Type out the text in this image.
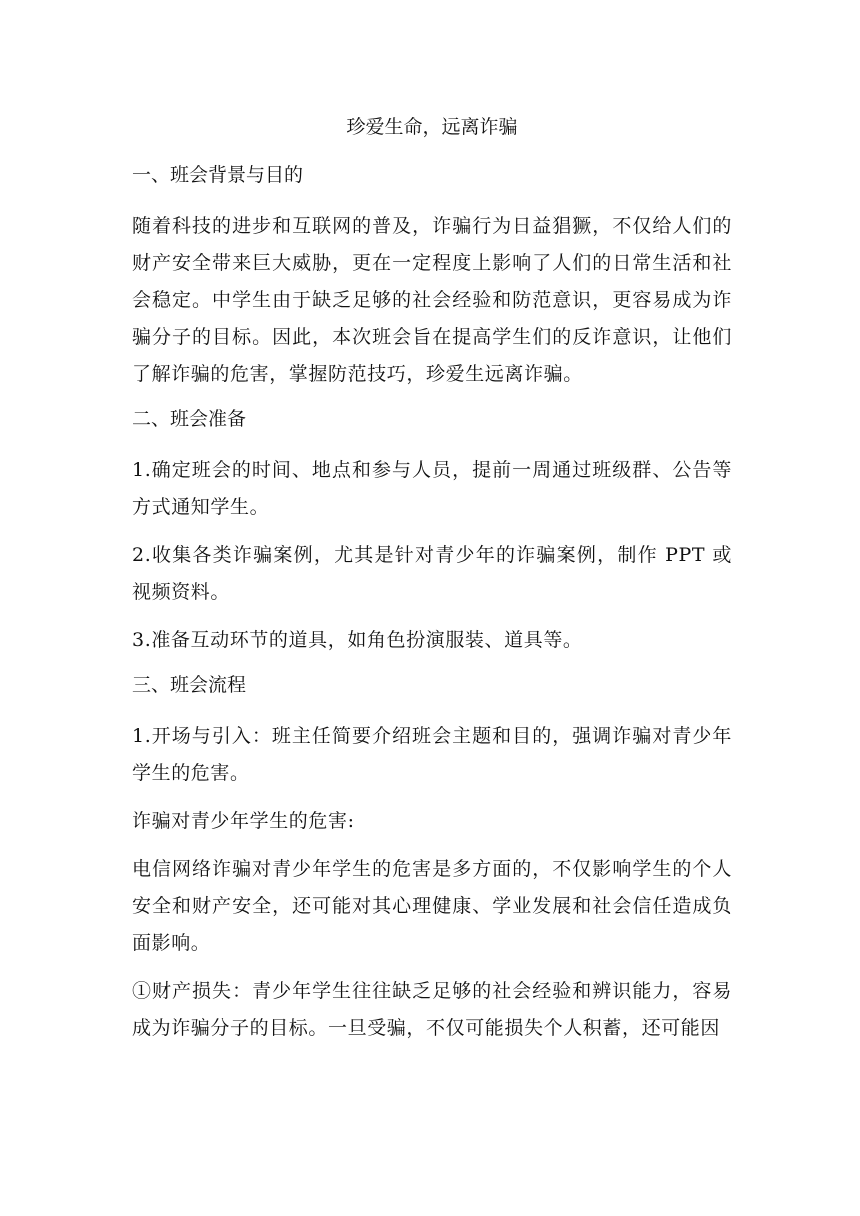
珍爱生命，远离诈骗
一、班会背景与目的

随着科技的进步和互联网的普及，诈骗行为日益猖獗，不仅给人们的财产安全带来巨大威胁，更在一定程度上影响了人们的日常生活和社会稳定。中学生由于缺乏足够的社会经验和防范意识，更容易成为诈骗分子的目标。因此，本次班会旨在提高学生们的反诈意识，让他们了解诈骗的危害，掌握防范技巧，珍爱生远离诈骗。

二、班会准备

1.确定班会的时间、地点和参与人员，提前一周通过班级群、公告等方式通知学生。

2.收集各类诈骗案例，尤其是针对青少年的诈骗案例，制作 PPT 或视频资料。

3.准备互动环节的道具，如角色扮演服装、道具等。

三、班会流程

1.开场与引入：班主任简要介绍班会主题和目的，强调诈骗对青少年学生的危害。

诈骗对青少年学生的危害:

电信网络诈骗对青少年学生的危害是多方面的，不仅影响学生的个人安全和财产安全，还可能对其心理健康、学业发展和社会信任造成负面影响。

①财产损失：青少年学生往往缺乏足够的社会经验和辨识能力，容易成为诈骗分子的目标。一旦受骗，不仅可能损失个人积蓄，还可能因
